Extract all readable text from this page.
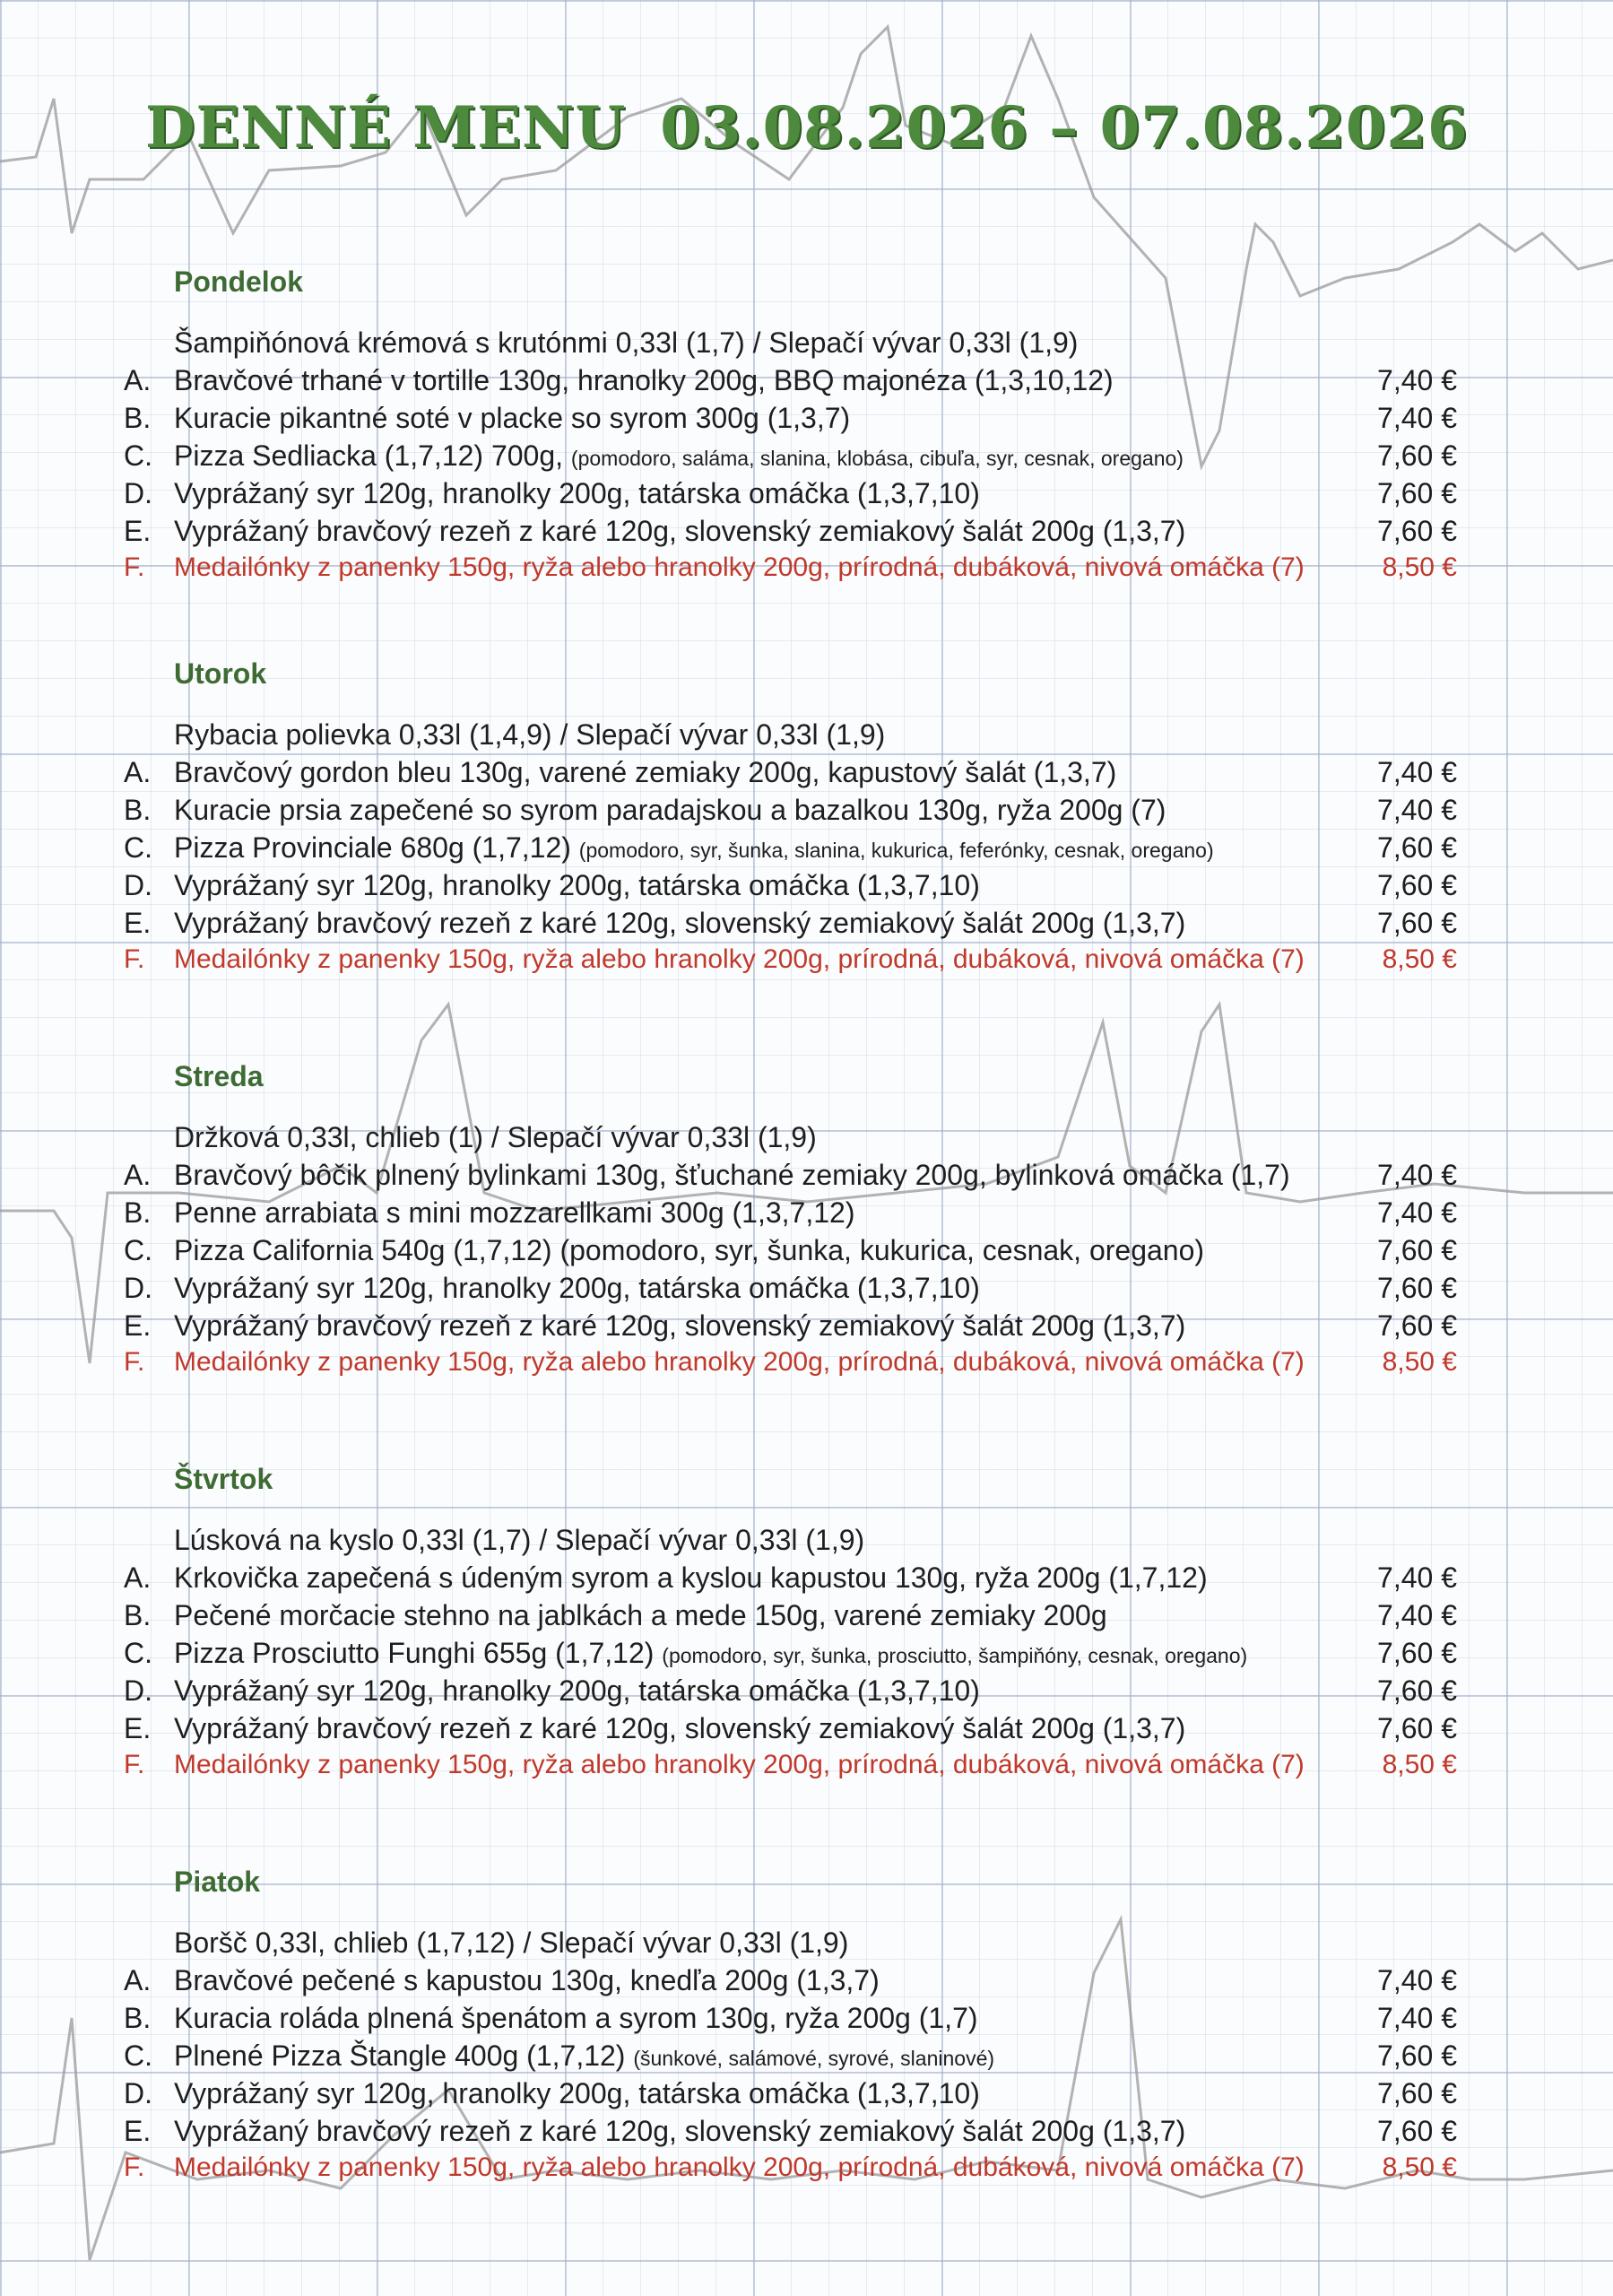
DENNÉ MENU 03.08.2026 – 07.08.2026
Pondelok
Šampiňónová krémová s krutónmi 0,33l (1,7) / Slepačí vývar 0,33l (1,9)
A. Bravčové trhané v tortille 130g, hranolky 200g, BBQ majonéza (1,3,10,12)	7,40 €
B. Kuracie pikantné soté v placke so syrom 300g (1,3,7)	7,40 €
C. Pizza Sedliacka (1,7,12) 700g, (pomodoro, saláma, slanina, klobása, cibuľa, syr, cesnak, oregano)	7,60 €
D. Vyprážaný syr 120g, hranolky 200g, tatárska omáčka (1,3,7,10)	7,60 €
E. Vyprážaný bravčový rezeň z karé 120g, slovenský zemiakový šalát 200g (1,3,7)	7,60 €
F. Medailónky z panenky 150g, ryža alebo hranolky 200g, prírodná, dubáková, nivová omáčka (7)	8,50 €
Utorok
Rybacia polievka 0,33l (1,4,9) / Slepačí vývar 0,33l (1,9)
A. Bravčový gordon bleu 130g, varené zemiaky 200g, kapustový šalát (1,3,7)	7,40 €
B. Kuracie prsia zapečené so syrom paradajskou a bazalkou 130g, ryža 200g (7)	7,40 €
C. Pizza Provinciale 680g (1,7,12) (pomodoro, syr, šunka, slanina, kukurica, feferónky, cesnak, oregano)	7,60 €
D. Vyprážaný syr 120g, hranolky 200g, tatárska omáčka (1,3,7,10)	7,60 €
E. Vyprážaný bravčový rezeň z karé 120g, slovenský zemiakový šalát 200g (1,3,7)	7,60 €
F. Medailónky z panenky 150g, ryža alebo hranolky 200g, prírodná, dubáková, nivová omáčka (7)	8,50 €
Streda
Držková 0,33l, chlieb (1) / Slepačí vývar 0,33l (1,9)
A. Bravčový bôčik plnený bylinkami 130g, šťuchané zemiaky 200g, bylinková omáčka (1,7)	7,40 €
B. Penne arrabiata s mini mozzarellkami 300g (1,3,7,12)	7,40 €
C. Pizza California 540g (1,7,12) (pomodoro, syr, šunka, kukurica, cesnak, oregano)	7,60 €
D. Vyprážaný syr 120g, hranolky 200g, tatárska omáčka (1,3,7,10)	7,60 €
E. Vyprážaný bravčový rezeň z karé 120g, slovenský zemiakový šalát 200g (1,3,7)	7,60 €
F. Medailónky z panenky 150g, ryža alebo hranolky 200g, prírodná, dubáková, nivová omáčka (7)	8,50 €
Štvrtok
Lúsková na kyslo 0,33l (1,7) / Slepačí vývar 0,33l (1,9)
A. Krkovička zapečená s údeným syrom a kyslou kapustou 130g, ryža 200g (1,7,12)	7,40 €
B. Pečené morčacie stehno na jablkách a mede 150g, varené zemiaky 200g	7,40 €
C. Pizza Prosciutto Funghi 655g (1,7,12) (pomodoro, syr, šunka, prosciutto, šampiňóny, cesnak, oregano)	7,60 €
D. Vyprážaný syr 120g, hranolky 200g, tatárska omáčka (1,3,7,10)	7,60 €
E. Vyprážaný bravčový rezeň z karé 120g, slovenský zemiakový šalát 200g (1,3,7)	7,60 €
F. Medailónky z panenky 150g, ryža alebo hranolky 200g, prírodná, dubáková, nivová omáčka (7)	8,50 €
Piatok
Boršč 0,33l, chlieb (1,7,12) / Slepačí vývar 0,33l (1,9)
A. Bravčové pečené s kapustou 130g, knedľa 200g (1,3,7)	7,40 €
B. Kuracia roláda plnená špenátom a syrom 130g, ryža 200g (1,7)	7,40 €
C. Plnené Pizza Štangle 400g (1,7,12) (šunkové, salámové, syrové, slaninové)	7,60 €
D. Vyprážaný syr 120g, hranolky 200g, tatárska omáčka (1,3,7,10)	7,60 €
E. Vyprážaný bravčový rezeň z karé 120g, slovenský zemiakový šalát 200g (1,3,7)	7,60 €
F. Medailónky z panenky 150g, ryža alebo hranolky 200g, prírodná, dubáková, nivová omáčka (7)	8,50 €
